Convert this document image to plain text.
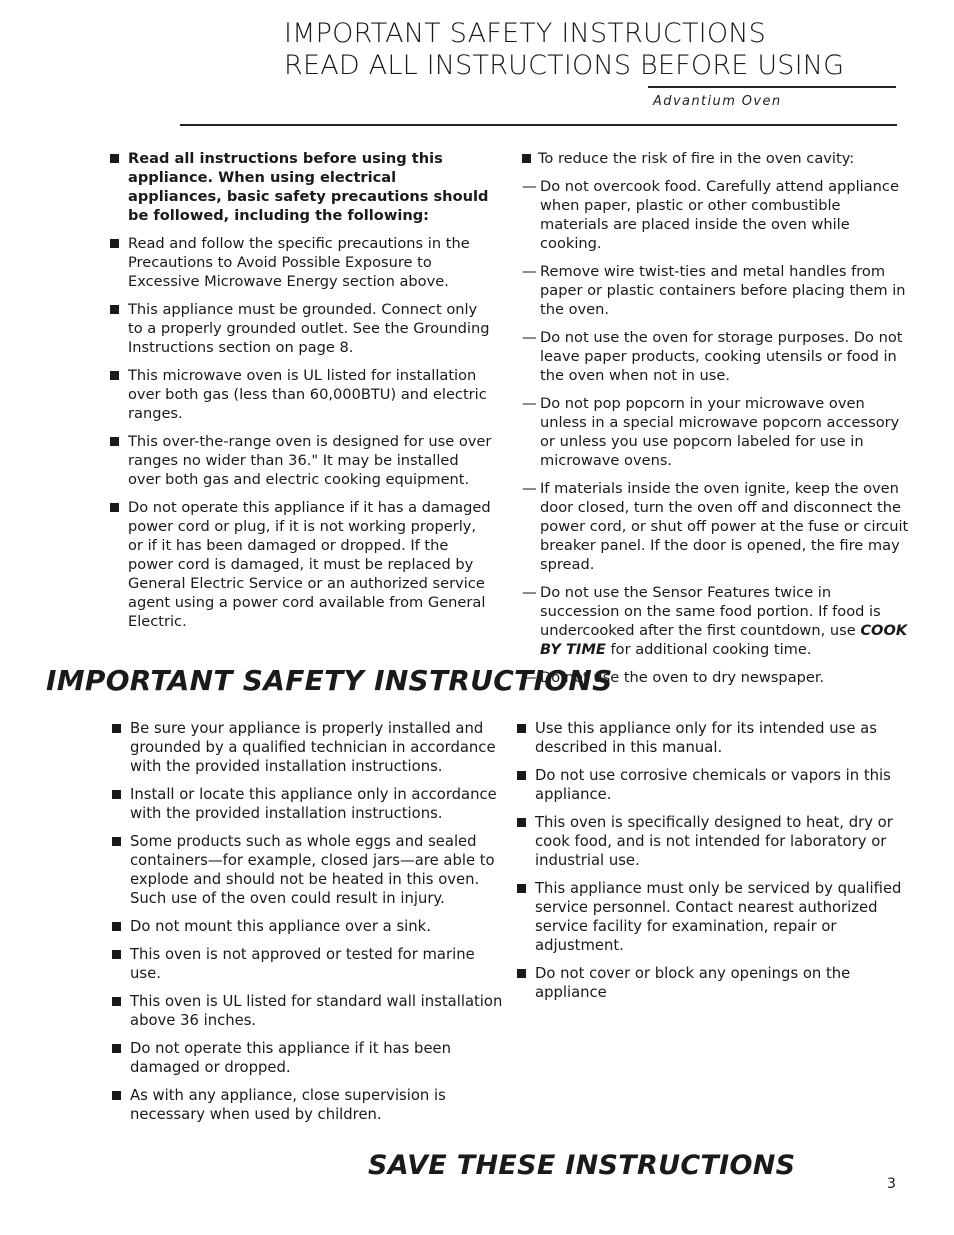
IMPORTANT SAFETY INSTRUCTIONS
READ ALL INSTRUCTIONS BEFORE USING
Advantium Oven
Read all instructions before using this appliance. When using electrical appliances, basic safety precautions should be followed, including the following:
Read and follow the specific precautions in the Precautions to Avoid Possible Exposure to Excessive Microwave Energy section above.
This appliance must be grounded. Connect only to a properly grounded outlet. See the Grounding Instructions section on page 8.
This microwave oven is UL listed for installation over both gas (less than 60,000BTU) and electric ranges.
This over-the-range oven is designed for use over ranges no wider than 36." It may be installed over both gas and electric cooking equipment.
Do not operate this appliance if it has a damaged power cord or plug, if it is not working properly, or if it has been damaged or dropped. If the power cord is damaged, it must be replaced by General Electric Service or an authorized service agent using a power cord available from General Electric.
To reduce the risk of fire in the oven cavity:
— Do not overcook food. Carefully attend appliance when paper, plastic or other combustible materials are placed inside the oven while cooking.
— Remove wire twist-ties and metal handles from paper or plastic containers before placing them in the oven.
— Do not use the oven for storage purposes. Do not leave paper products, cooking utensils or food in the oven when not in use.
— Do not pop popcorn in your microwave oven unless in a special microwave popcorn accessory or unless you use popcorn labeled for use in microwave ovens.
— If materials inside the oven ignite, keep the oven door closed, turn the oven off and disconnect the power cord, or shut off power at the fuse or circuit breaker panel. If the door is opened, the fire may spread.
— Do not use the Sensor Features twice in succession on the same food portion. If food is undercooked after the first countdown, use COOK BY TIME for additional cooking time.
— Do not use the oven to dry newspaper.
IMPORTANT SAFETY INSTRUCTIONS
Be sure your appliance is properly installed and grounded by a qualified technician in accordance with the provided installation instructions.
Install or locate this appliance only in accordance with the provided installation instructions.
Some products such as whole eggs and sealed containers—for example, closed jars—are able to explode and should not be heated in this oven. Such use of the oven could result in injury.
Do not mount this appliance over a sink.
This oven is not approved or tested for marine use.
This oven is UL listed for standard wall installation above 36 inches.
Do not operate this appliance if it has been damaged or dropped.
As with any appliance, close supervision is necessary when used by children.
Use this appliance only for its intended use as described in this manual.
Do not use corrosive chemicals or vapors in this appliance.
This oven is specifically designed to heat, dry or cook food, and is not intended for laboratory or industrial use.
This appliance must only be serviced by qualified service personnel. Contact nearest authorized service facility for examination, repair or adjustment.
Do not cover or block any openings on the appliance
SAVE THESE INSTRUCTIONS
3
